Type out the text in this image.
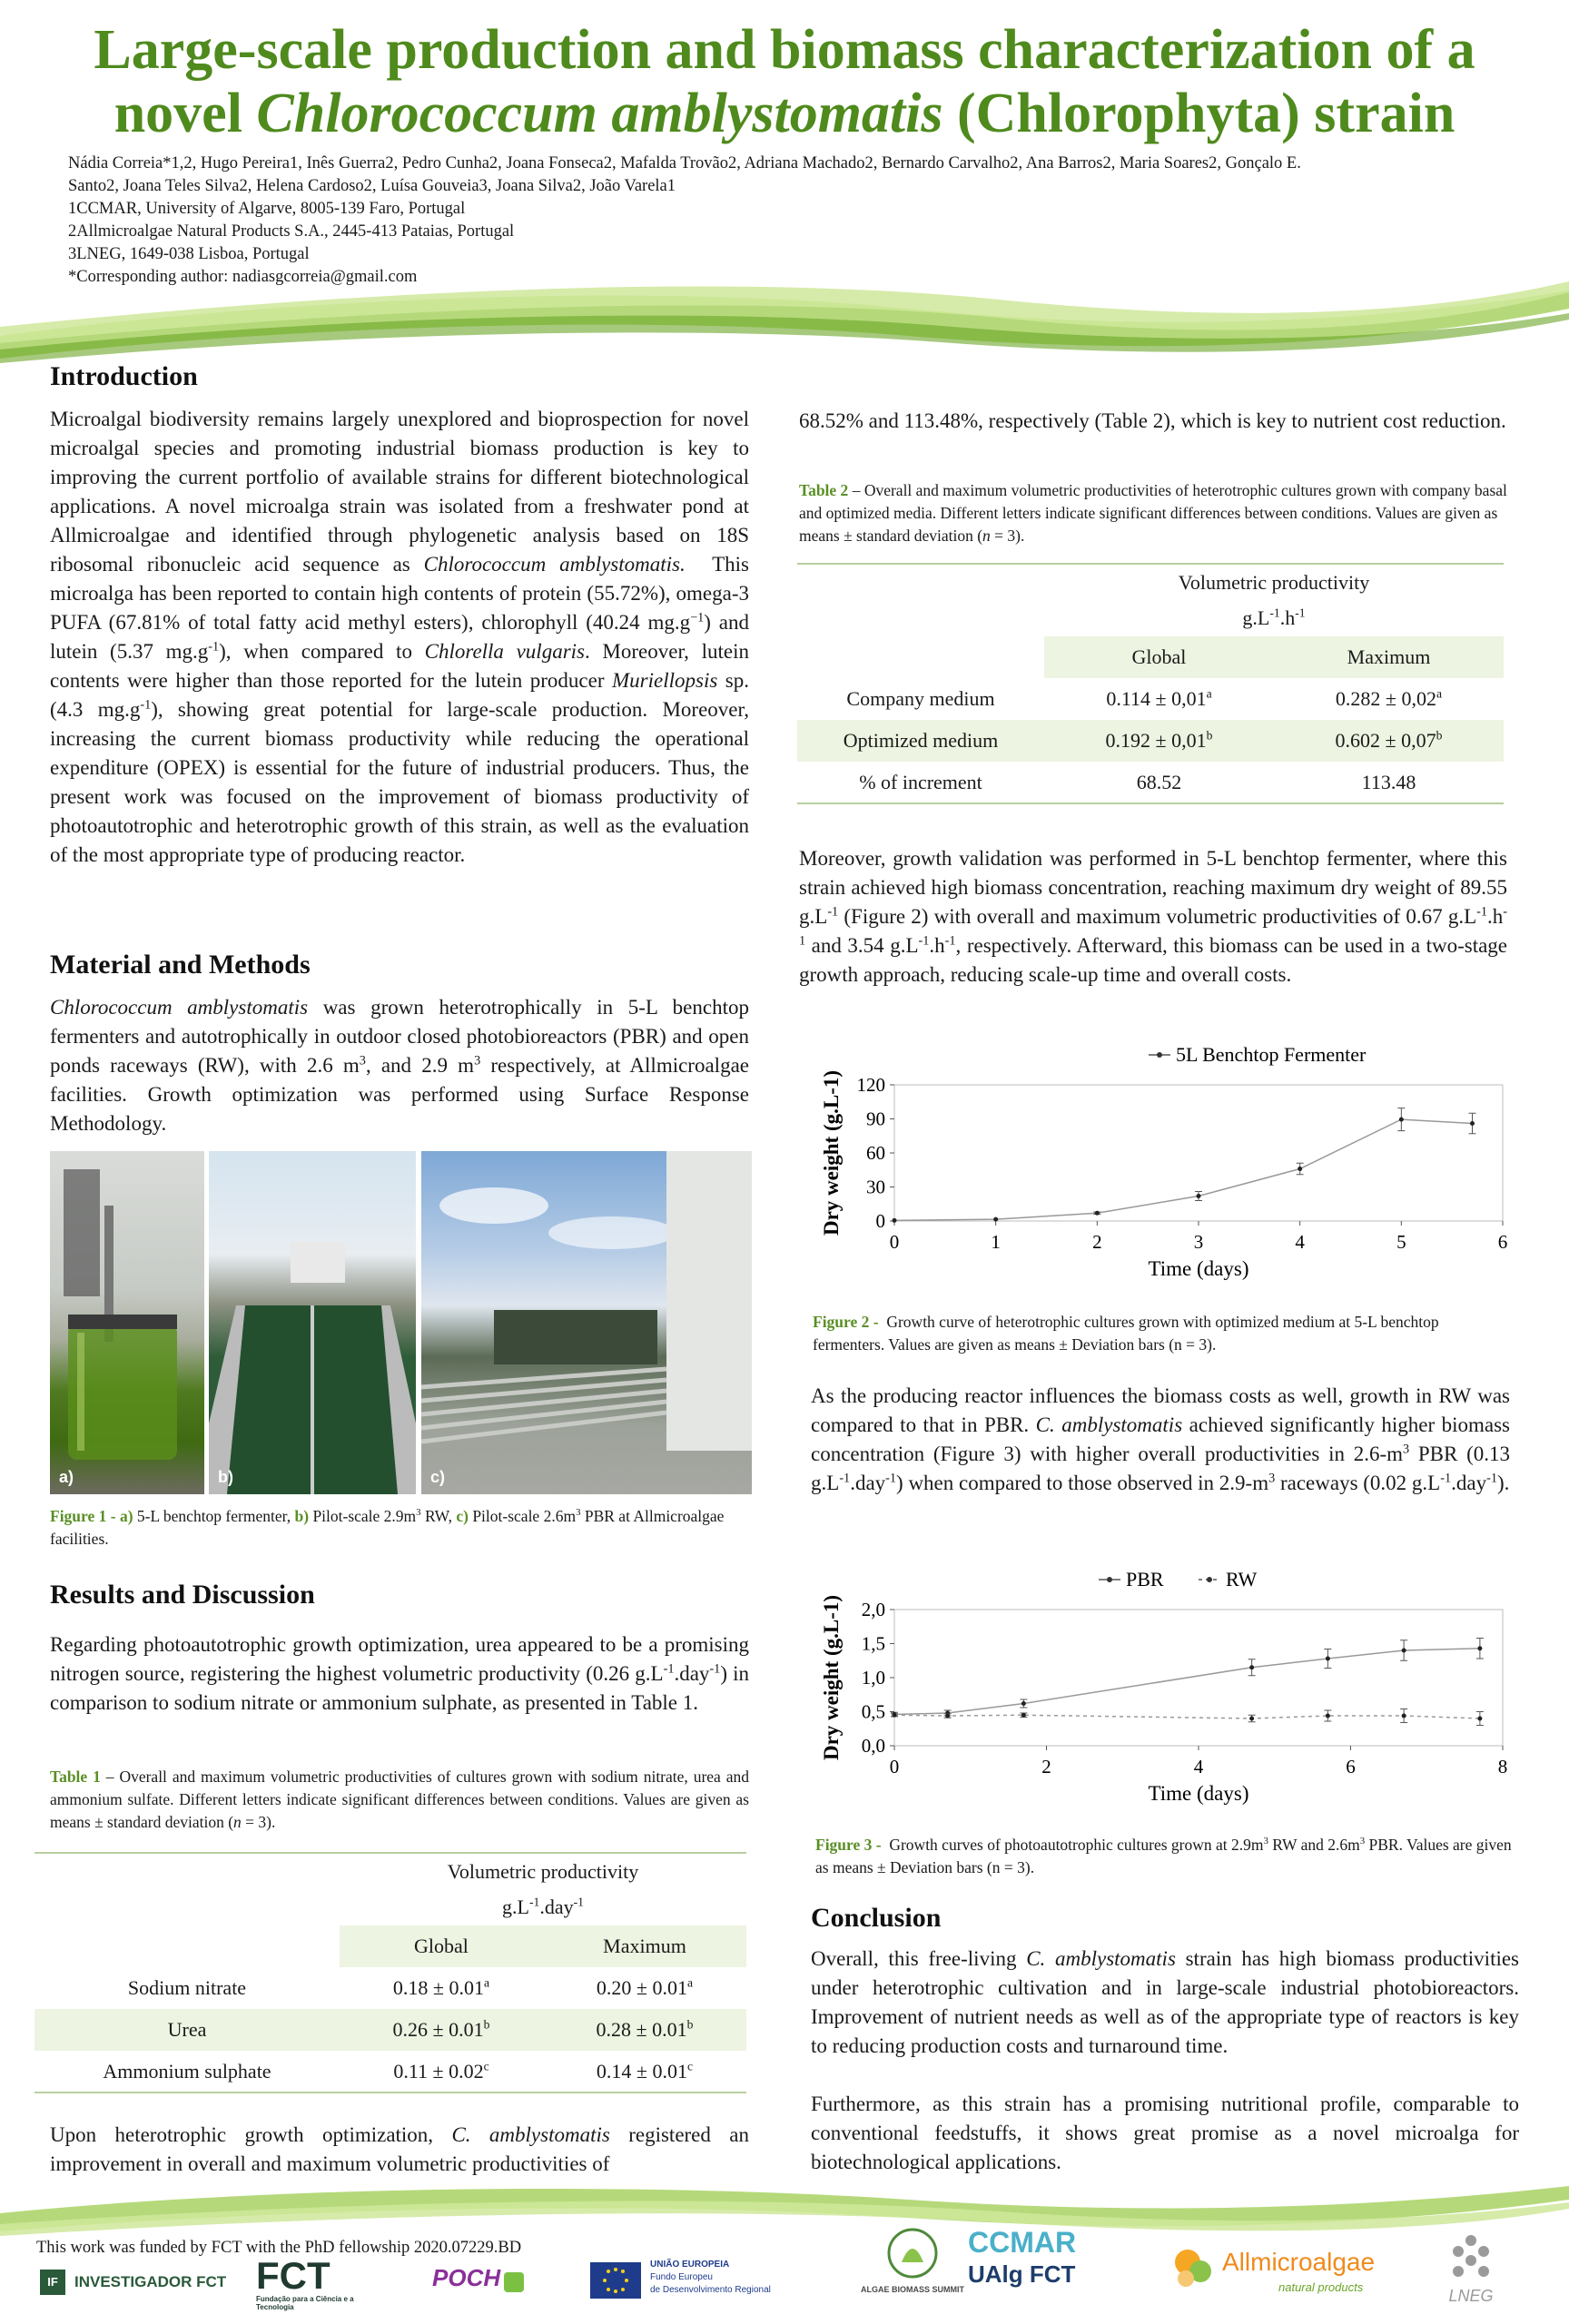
Large-scale production and biomass characterization of a
novel Chlorococcum amblystomatis (Chlorophyta) strain
Nádia Correia*1,2, Hugo Pereira1, Inês Guerra2, Pedro Cunha2, Joana Fonseca2, Mafalda Trovão2, Adriana Machado2, Bernardo Carvalho2, Ana Barros2, Maria Soares2, Gonçalo E.
Santo2, Joana Teles Silva2, Helena Cardoso2, Luísa Gouveia3, Joana Silva2, João Varela1
1CCMAR, University of Algarve, 8005-139 Faro, Portugal
2Allmicroalgae Natural Products S.A., 2445-413 Pataias, Portugal
3LNEG, 1649-038 Lisboa, Portugal
*Corresponding author: nadiasgcorreia@gmail.com
Introduction
Microalgal biodiversity remains largely unexplored and bioprospection for novel microalgal species and promoting industrial biomass production is key to improving the current portfolio of available strains for different biotechnological applications. A novel microalga strain was isolated from a freshwater pond at Allmicroalgae and identified through phylogenetic analysis based on 18S ribosomal ribonucleic acid sequence as Chlorococcum amblystomatis.  This microalga has been reported to contain high contents of protein (55.72%), omega-3 PUFA (67.81% of total fatty acid methyl esters), chlorophyll (40.24 $mg.g^{-1}$) and lutein (5.37 $mg.g^{-1}$), when compared to Chlorella vulgaris. Moreover, lutein contents were higher than those reported for the lutein producer Muriellopsis sp. (4.3 $mg.g^{-1}$), showing great potential for large-scale production. Moreover, increasing the current biomass productivity while reducing the operational expenditure (OPEX) is essential for the future of industrial producers. Thus, the present work was focused on the improvement of biomass productivity of photoautotrophic and heterotrophic growth of this strain, as well as the evaluation of the most appropriate type of producing reactor.
Material and Methods
Chlorococcum amblystomatis was grown heterotrophically in 5-L benchtop fermenters and autotrophically in outdoor closed photobioreactors (PBR) and open ponds raceways (RW), with 2.6 $m^3$, and 2.9 $m^3$ respectively, at Allmicroalgae facilities. Growth optimization was performed using Surface Response Methodology.
a)	b)	c)
Figure 1 - a) 5-L benchtop fermenter, b) Pilot-scale $2.9m^3$ RW, c) Pilot-scale $2.6m^3$ PBR at Allmicroalgae facilities.
Results and Discussion
Regarding photoautotrophic growth optimization, urea appeared to be a promising nitrogen source, registering the highest volumetric productivity (0.26 $g.L^{-1}.day^{-1}$) in comparison to sodium nitrate or ammonium sulphate, as presented in Table 1.
Table 1 – Overall and maximum volumetric productivities of cultures grown with sodium nitrate, urea and ammonium sulfate. Different letters indicate significant differences between conditions. Values are given as means ± standard deviation (n = 3).
	Volumetric productivity	
	$g.L^{-1}.day^{-1}$
	Global	Maximum
Sodium nitrate	0.18 ± 0.01$^a$	0.20 ± 0.01$^a$
Urea	0.26 ± 0.01$^b$	0.28 ± 0.01$^b$
Ammonium sulphate	0.11 ± 0.02$^c$	0.14 ± 0.01$^c$
Upon heterotrophic growth optimization, C. amblystomatis registered an improvement in overall and maximum volumetric productivities of
68.52% and 113.48%, respectively (Table 2), which is key to nutrient cost reduction.
Table 2 – Overall and maximum volumetric productivities of heterotrophic cultures grown with company basal and optimized media. Different letters indicate significant differences between conditions. Values are given as means ± standard deviation (n = 3).
	Volumetric productivity	
	$g.L^{-1}.h^{-1}$
	Global	Maximum
Company medium	0.114 ± 0,01$^a$	0.282 ± 0,02$^a$
Optimized medium	0.192 ± 0,01$^b$	0.602 ± 0,07$^b$
% of increment	68.52	113.48
Moreover, growth validation was performed in 5-L benchtop fermenter, where this strain achieved high biomass concentration, reaching maximum dry weight of 89.55 $g.L^{-1}$ (Figure 2) with overall and maximum volumetric productivities of 0.67 $g.L^{-1}.h^{-1}$ and 3.54 $g.L^{-1}.h^{-1}$, respectively. Afterward, this biomass can be used in a two-stage growth approach, reducing scale-up time and overall costs.
0
30
60
90
120
0	1	2	3	4	5	6
Time (days)
Dry weight (g.L-1)
5L Benchtop Fermenter
Figure 2 -  Growth curve of heterotrophic cultures grown with optimized medium at 5-L benchtop fermenters. Values are given as means ± Deviation bars (n = 3).
As the producing reactor influences the biomass costs as well, growth in RW was compared to that in PBR. C. amblystomatis achieved significantly higher biomass concentration (Figure 3) with higher overall productivities in $2.6-m^3$ PBR (0.13 $g.L^{-1}.day^{-1}$) when compared to those observed in $2.9-m^3$ raceways (0.02 $g.L^{-1}.day^{-1}$).
0,0
0,5
1,0
1,5
2,0
0	2	4	6	8
Time (days)
Dry weight (g.L-1)
PBR	RW
Figure 3 -  Growth curves of photoautotrophic cultures grown at $2.9m^3$ RW and $2.6m^3$ PBR. Values are given as means ± Deviation bars (n = 3).
Conclusion
Overall, this free-living C. amblystomatis strain has high biomass productivities under heterotrophic cultivation and in large-scale industrial photobioreactors. Improvement of nutrient needs as well as of the appropriate type of reactors is key to reducing production costs and turnaround time.
Furthermore, as this strain has a promising nutritional profile, comparable to conventional feedstuffs, it shows great promise as a novel microalga for biotechnological applications.
This work was funded by FCT with the PhD fellowship 2020.07229.BD
IF INVESTIGADOR FCT FCT
Fundação para a Ciência e a Tecnologia
POCH	UNIÃO EUROPEIA
Fundo Europeu
de Desenvolvimento Regional	ALGAE BIOMASS SUMMIT
CCMAR
UAlg FCT	Allmicroalgae
natural products	LNEG
